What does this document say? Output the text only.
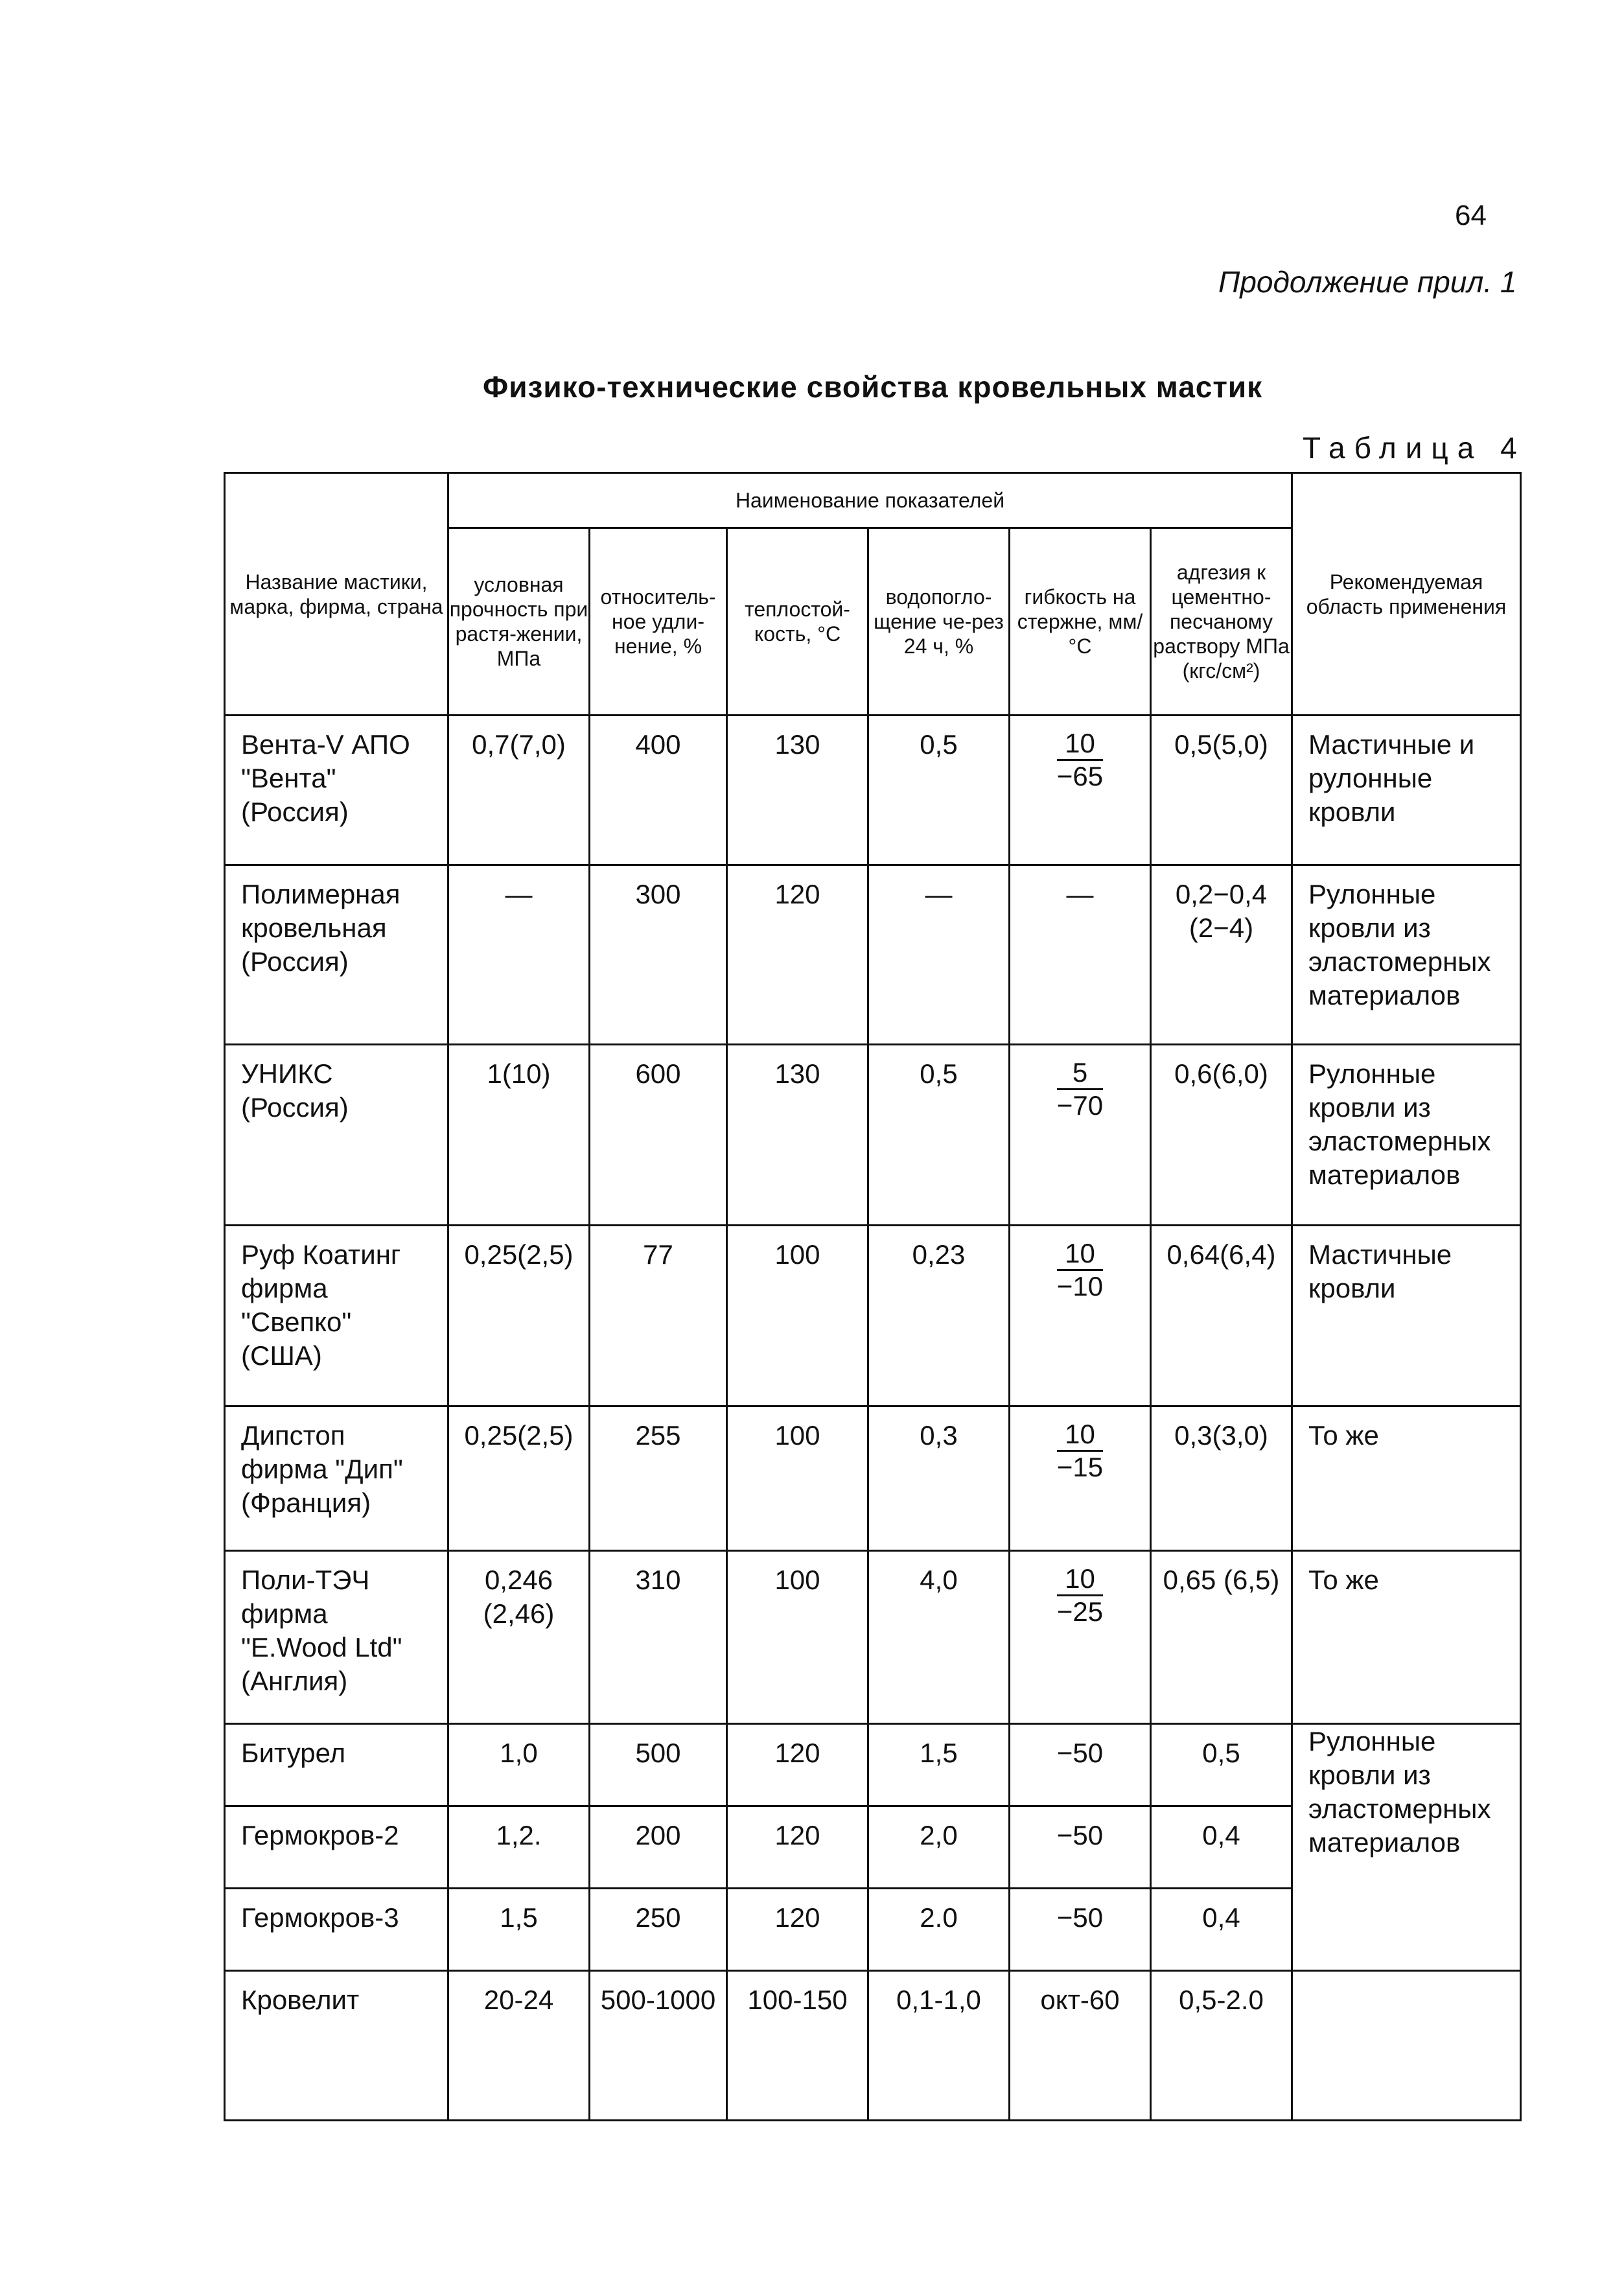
64
Продолжение прил. 1
Физико-технические свойства кровельных мастик
Таблица 4
Название мастики, марка, фирма, страна	Наименование показателей						Рекомендуемая область применения
	условная прочность при растя-жении, МПа	относитель-ное удли-нение, %	теплостой-кость, °С	водопогло-щение че-рез 24 ч, %	гибкость на стержне, мм/°С	адгезия к цементно-песчаному раствору МПа (кгс/см²)	
Вента-V АПО "Вента" (Россия)	0,7(7,0)	400	130	0,5	$\frac{10}{-65}$	0,5(5,0)	Мастичные и рулонные кровли
Полимерная кровельная (Россия)	—	300	120	—	—	0,2−0,4 (2−4)	Рулонные кровли из эластомерных материалов
УНИКС (Россия)	1(10)	600	130	0,5	$\frac{5}{-70}$	0,6(6,0)	Рулонные кровли из эластомерных материалов
Руф Коатинг фирма "Свепко" (США)	0,25(2,5)	77	100	0,23	$\frac{10}{-10}$	0,64(6,4)	Мастичные кровли
Дипстоп фирма "Дип" (Франция)	0,25(2,5)	255	100	0,3	$\frac{10}{-15}$	0,3(3,0)	То же
Поли-ТЭЧ фирма "E.Wood Ltd" (Англия)	0,246 (2,46)	310	100	4,0	$\frac{10}{-25}$	0,65 (6,5)	То же
Битурел	1,0	500	120	1,5	−50	0,5	Рулонные кровли из эластомерных материалов
Гермокров-2	1,2.	200	120	2,0	−50	0,4	
Гермокров-3	1,5	250	120	2.0	−50	0,4	
Кровелит	20-24	500-1000	100-150	0,1-1,0	окт-60	0,5-2.0	
